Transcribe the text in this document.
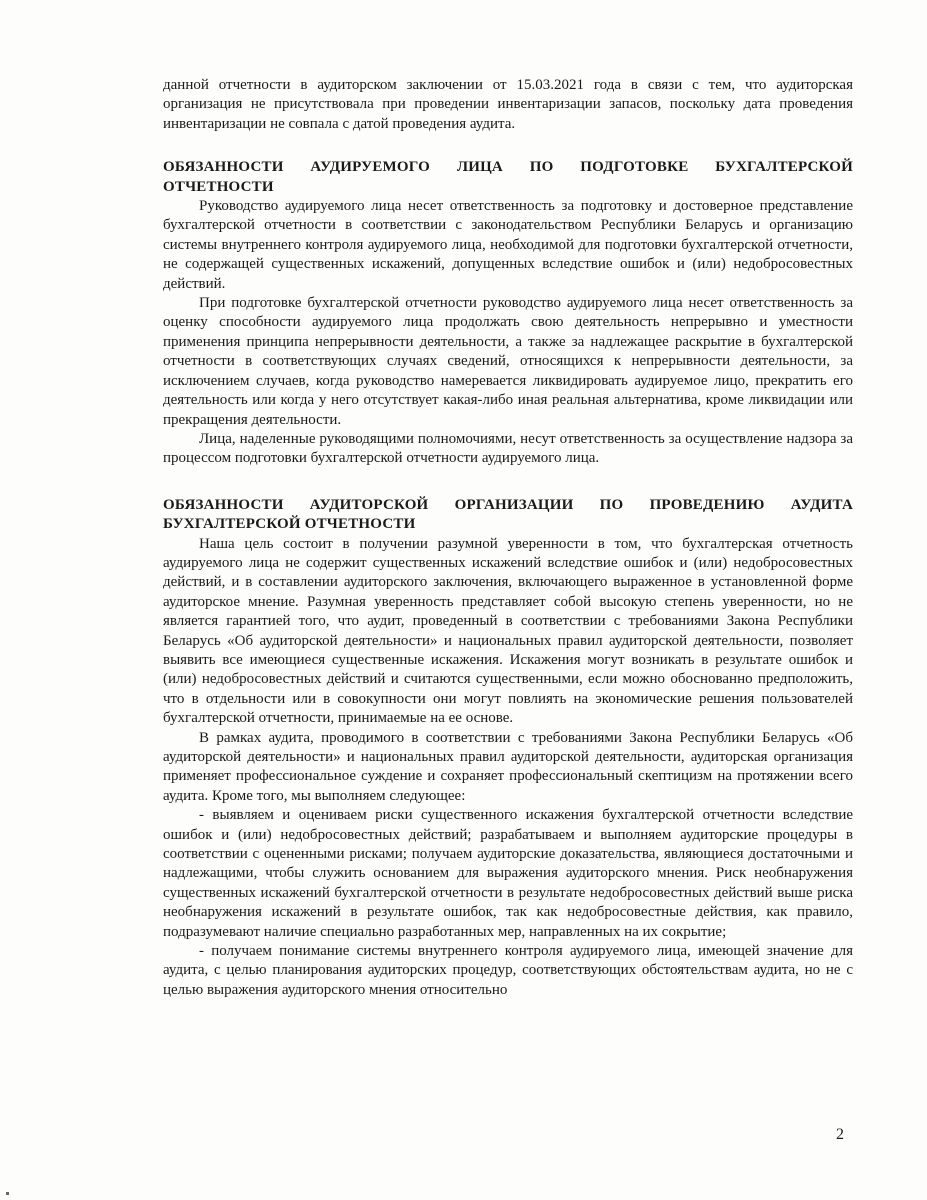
данной отчетности в аудиторском заключении от 15.03.2021 года в связи с тем, что аудиторская организация не присутствовала при проведении инвентаризации запасов, поскольку дата проведения инвентаризации не совпала с датой проведения аудита.

ОБЯЗАННОСТИ АУДИРУЕМОГО ЛИЦА ПО ПОДГОТОВКЕ БУХГАЛТЕРСКОЙ ОТЧЕТНОСТИ

Руководство аудируемого лица несет ответственность за подготовку и достоверное представление бухгалтерской отчетности в соответствии с законодательством Республики Беларусь и организацию системы внутреннего контроля аудируемого лица, необходимой для подготовки бухгалтерской отчетности, не содержащей существенных искажений, допущенных вследствие ошибок и (или) недобросовестных действий.

При подготовке бухгалтерской отчетности руководство аудируемого лица несет ответственность за оценку способности аудируемого лица продолжать свою деятельность непрерывно и уместности применения принципа непрерывности деятельности, а также за надлежащее раскрытие в бухгалтерской отчетности в соответствующих случаях сведений, относящихся к непрерывности деятельности, за исключением случаев, когда руководство намеревается ликвидировать аудируемое лицо, прекратить его деятельность или когда у него отсутствует какая-либо иная реальная альтернатива, кроме ликвидации или прекращения деятельности.

Лица, наделенные руководящими полномочиями, несут ответственность за осуществление надзора за процессом подготовки бухгалтерской отчетности аудируемого лица.

ОБЯЗАННОСТИ АУДИТОРСКОЙ ОРГАНИЗАЦИИ ПО ПРОВЕДЕНИЮ АУДИТА БУХГАЛТЕРСКОЙ ОТЧЕТНОСТИ

Наша цель состоит в получении разумной уверенности в том, что бухгалтерская отчетность аудируемого лица не содержит существенных искажений вследствие ошибок и (или) недобросовестных действий, и в составлении аудиторского заключения, включающего выраженное в установленной форме аудиторское мнение. Разумная уверенность представляет собой высокую степень уверенности, но не является гарантией того, что аудит, проведенный в соответствии с требованиями Закона Республики Беларусь «Об аудиторской деятельности» и национальных правил аудиторской деятельности, позволяет выявить все имеющиеся существенные искажения. Искажения могут возникать в результате ошибок и (или) недобросовестных действий и считаются существенными, если можно обоснованно предположить, что в отдельности или в совокупности они могут повлиять на экономические решения пользователей бухгалтерской отчетности, принимаемые на ее основе.

В рамках аудита, проводимого в соответствии с требованиями Закона Республики Беларусь «Об аудиторской деятельности» и национальных правил аудиторской деятельности, аудиторская организация применяет профессиональное суждение и сохраняет профессиональный скептицизм на протяжении всего аудита. Кроме того, мы выполняем следующее:

- выявляем и оцениваем риски существенного искажения бухгалтерской отчетности вследствие ошибок и (или) недобросовестных действий; разрабатываем и выполняем аудиторские процедуры в соответствии с оцененными рисками; получаем аудиторские доказательства, являющиеся достаточными и надлежащими, чтобы служить основанием для выражения аудиторского мнения. Риск необнаружения существенных искажений бухгалтерской отчетности в результате недобросовестных действий выше риска необнаружения искажений в результате ошибок, так как недобросовестные действия, как правило, подразумевают наличие специально разработанных мер, направленных на их сокрытие;

- получаем понимание системы внутреннего контроля аудируемого лица, имеющей значение для аудита, с целью планирования аудиторских процедур, соответствующих обстоятельствам аудита, но не с целью выражения аудиторского мнения относительно

2
